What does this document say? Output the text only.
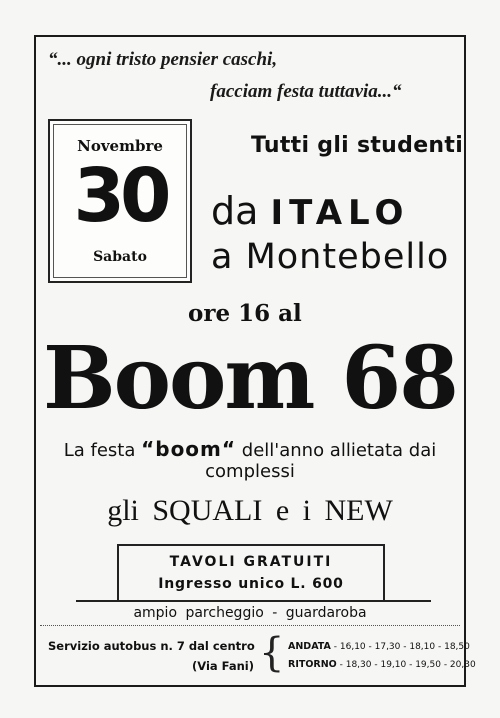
“... ogni tristo pensier caschi,
facciam festa tuttavia...“
Novembre
30
Sabato
Tutti gli studenti
da ITALO
a Montebello
ore 16 al
Boom 68
La festa “boom“ dell'anno allietata dai
complessi
gli SQUALI e i NEW
TAVOLI GRATUITI
Ingresso unico L. 600
ampio parcheggio - guardaroba
Servizio autobus n. 7 dal centro
(Via Fani) { ANDATA - 16,10 - 17,30 - 18,10 - 18,50
RITORNO - 18,30 - 19,10 - 19,50 - 20,30
